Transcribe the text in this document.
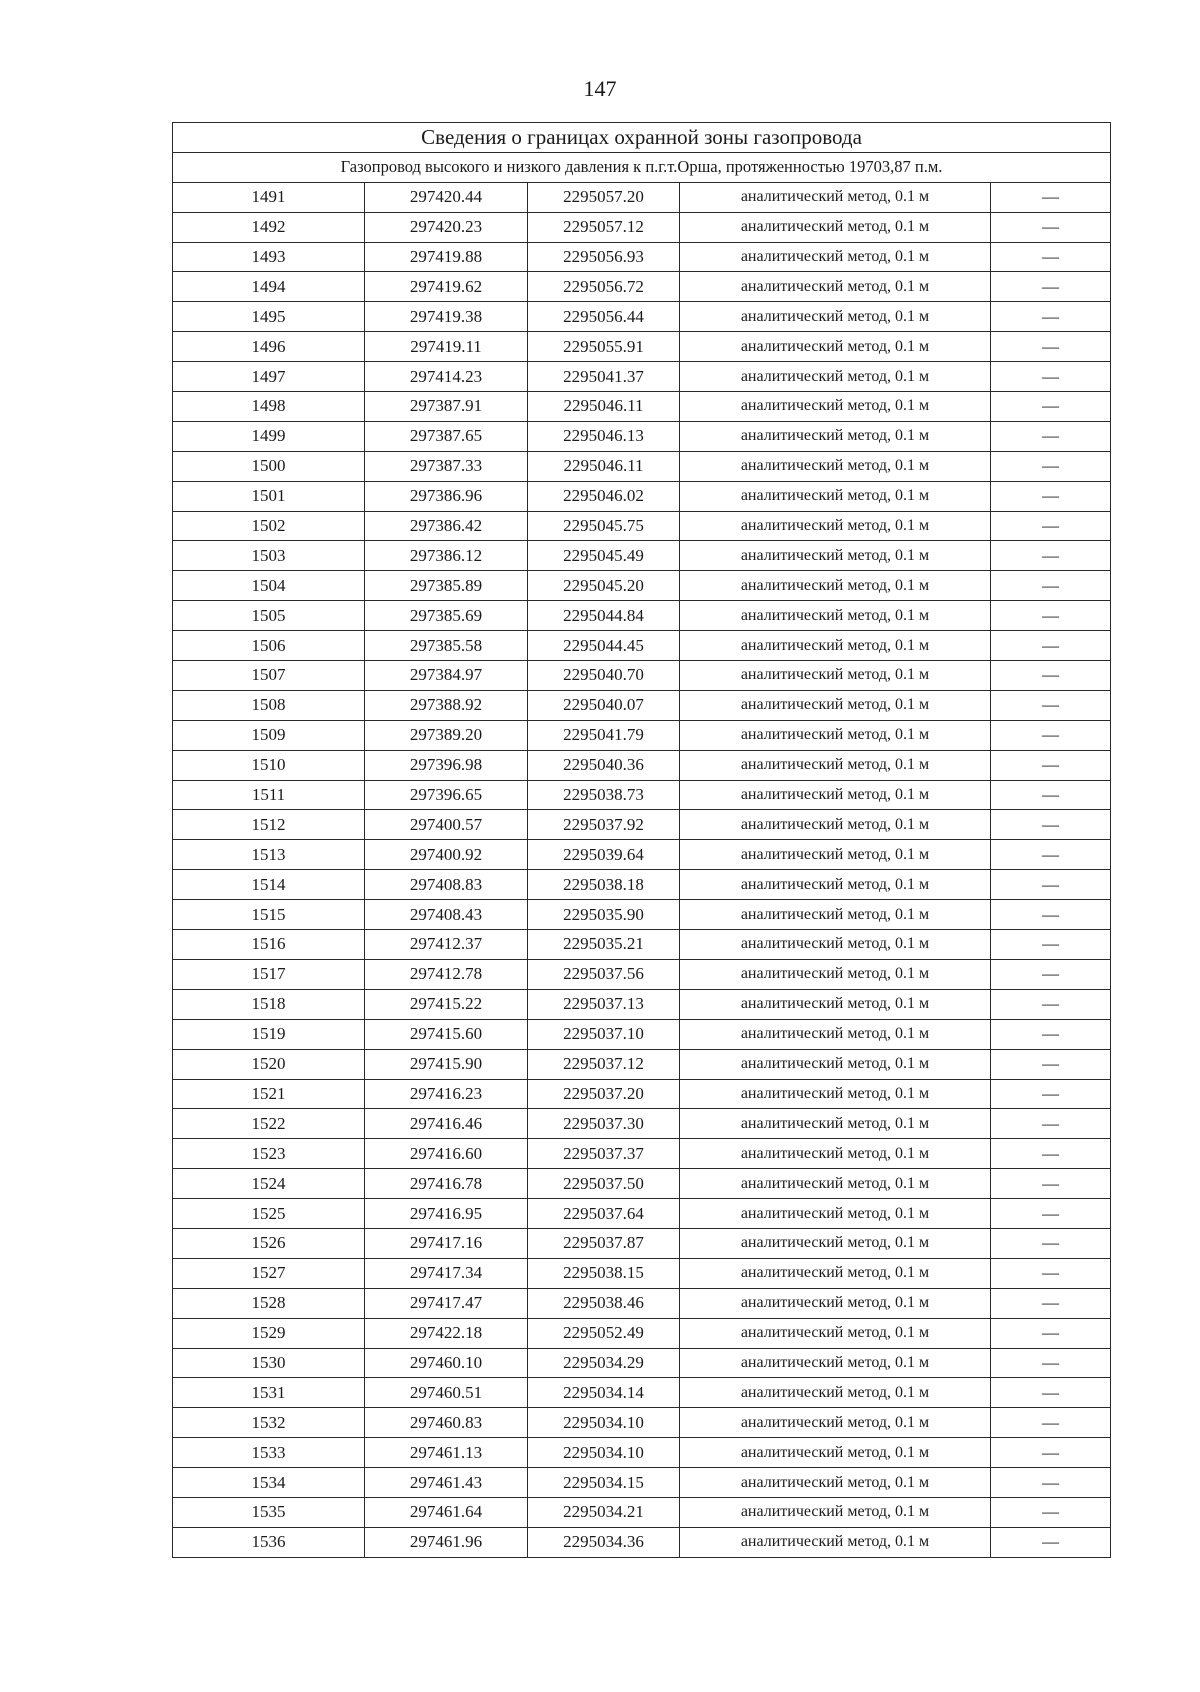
147
Сведения о границах охранной зоны газопровода				
Газопровод высокого и низкого давления к п.г.т.Орша, протяженностью 19703,87 п.м.				
1491	297420.44	2295057.20	аналитический метод, 0.1 м	—
1492	297420.23	2295057.12	аналитический метод, 0.1 м	—
1493	297419.88	2295056.93	аналитический метод, 0.1 м	—
1494	297419.62	2295056.72	аналитический метод, 0.1 м	—
1495	297419.38	2295056.44	аналитический метод, 0.1 м	—
1496	297419.11	2295055.91	аналитический метод, 0.1 м	—
1497	297414.23	2295041.37	аналитический метод, 0.1 м	—
1498	297387.91	2295046.11	аналитический метод, 0.1 м	—
1499	297387.65	2295046.13	аналитический метод, 0.1 м	—
1500	297387.33	2295046.11	аналитический метод, 0.1 м	—
1501	297386.96	2295046.02	аналитический метод, 0.1 м	—
1502	297386.42	2295045.75	аналитический метод, 0.1 м	—
1503	297386.12	2295045.49	аналитический метод, 0.1 м	—
1504	297385.89	2295045.20	аналитический метод, 0.1 м	—
1505	297385.69	2295044.84	аналитический метод, 0.1 м	—
1506	297385.58	2295044.45	аналитический метод, 0.1 м	—
1507	297384.97	2295040.70	аналитический метод, 0.1 м	—
1508	297388.92	2295040.07	аналитический метод, 0.1 м	—
1509	297389.20	2295041.79	аналитический метод, 0.1 м	—
1510	297396.98	2295040.36	аналитический метод, 0.1 м	—
1511	297396.65	2295038.73	аналитический метод, 0.1 м	—
1512	297400.57	2295037.92	аналитический метод, 0.1 м	—
1513	297400.92	2295039.64	аналитический метод, 0.1 м	—
1514	297408.83	2295038.18	аналитический метод, 0.1 м	—
1515	297408.43	2295035.90	аналитический метод, 0.1 м	—
1516	297412.37	2295035.21	аналитический метод, 0.1 м	—
1517	297412.78	2295037.56	аналитический метод, 0.1 м	—
1518	297415.22	2295037.13	аналитический метод, 0.1 м	—
1519	297415.60	2295037.10	аналитический метод, 0.1 м	—
1520	297415.90	2295037.12	аналитический метод, 0.1 м	—
1521	297416.23	2295037.20	аналитический метод, 0.1 м	—
1522	297416.46	2295037.30	аналитический метод, 0.1 м	—
1523	297416.60	2295037.37	аналитический метод, 0.1 м	—
1524	297416.78	2295037.50	аналитический метод, 0.1 м	—
1525	297416.95	2295037.64	аналитический метод, 0.1 м	—
1526	297417.16	2295037.87	аналитический метод, 0.1 м	—
1527	297417.34	2295038.15	аналитический метод, 0.1 м	—
1528	297417.47	2295038.46	аналитический метод, 0.1 м	—
1529	297422.18	2295052.49	аналитический метод, 0.1 м	—
1530	297460.10	2295034.29	аналитический метод, 0.1 м	—
1531	297460.51	2295034.14	аналитический метод, 0.1 м	—
1532	297460.83	2295034.10	аналитический метод, 0.1 м	—
1533	297461.13	2295034.10	аналитический метод, 0.1 м	—
1534	297461.43	2295034.15	аналитический метод, 0.1 м	—
1535	297461.64	2295034.21	аналитический метод, 0.1 м	—
1536	297461.96	2295034.36	аналитический метод, 0.1 м	—
